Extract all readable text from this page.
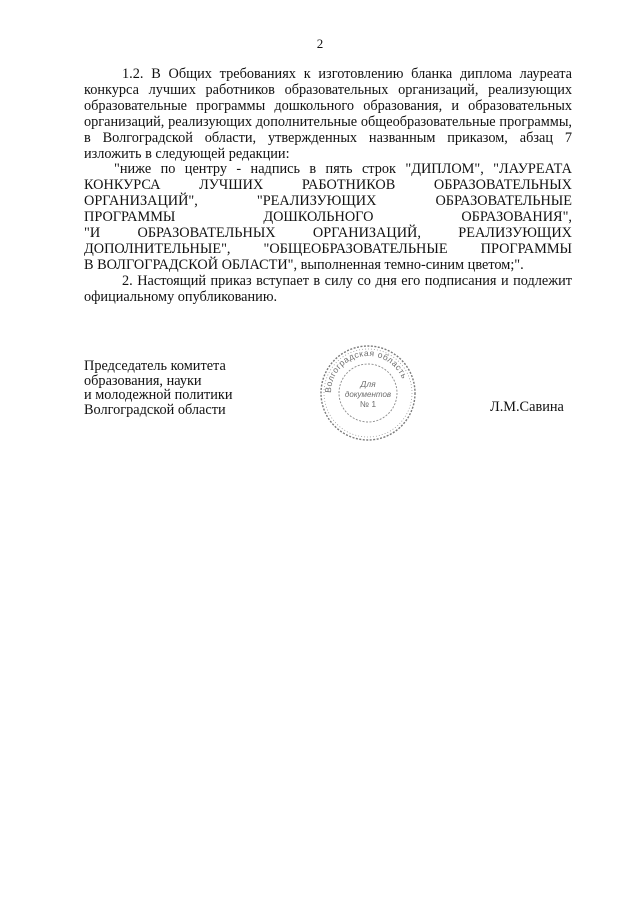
2

1.2. В Общих требованиях к изготовлению бланка диплома лауреата конкурса лучших работников образовательных организаций, реализующих образовательные программы дошкольного образования, и образовательных организаций, реализующих дополнительные общеобразовательные программы, в Волгоградской области, утвержденных названным приказом, абзац 7 изложить в следующей редакции:

"ниже по центру - надпись в пять строк "ДИПЛОМ", "ЛАУРЕАТА
КОНКУРСА ЛУЧШИХ РАБОТНИКОВ ОБРАЗОВАТЕЛЬНЫХ
ОРГАНИЗАЦИЙ", "РЕАЛИЗУЮЩИХ ОБРАЗОВАТЕЛЬНЫЕ
ПРОГРАММЫ ДОШКОЛЬНОГО ОБРАЗОВАНИЯ",
"И ОБРАЗОВАТЕЛЬНЫХ ОРГАНИЗАЦИЙ, РЕАЛИЗУЮЩИХ
ДОПОЛНИТЕЛЬНЫЕ", "ОБЩЕОБРАЗОВАТЕЛЬНЫЕ ПРОГРАММЫ
В ВОЛГОГРАДСКОЙ ОБЛАСТИ", выполненная темно-синим цветом;".

2. Настоящий приказ вступает в силу со дня его подписания и подлежит официальному опубликованию.

Председатель комитета
образования, науки
и молодежной политики
Волгоградской области
Волгоградская область
Для
документов
№ 1	Л.М.Савина
